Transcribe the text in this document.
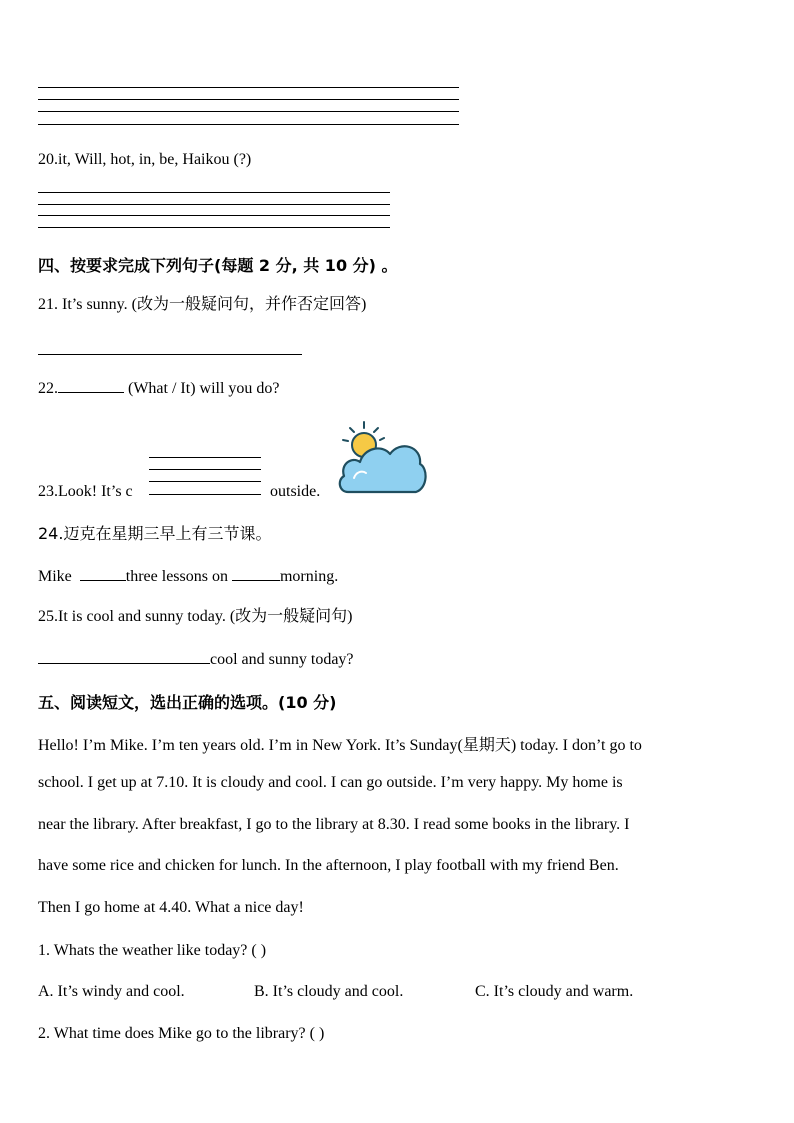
20.it, Will, hot, in, be, Haikou (?)
四、按要求完成下列句子(每题 2 分, 共 10 分) 。
21. It’s sunny. (改为一般疑问句，并作否定回答)
22.	(What / It) will you do?
23.Look! It’s c	outside.
24.迈克在星期三早上有三节课。
Mike	three lessons on	morning.
25.It is cool and sunny today. (改为一般疑问句)
cool and sunny today?
五、阅读短文，选出正确的选项。(10 分)
Hello! I’m Mike. I’m ten years old. I’m in New York. It’s Sunday(星期天) today. I don’t go to
school. I get up at 7.10. It is cloudy and cool. I can go outside. I’m very happy. My home is
near the library. After breakfast, I go to the library at 8.30. I read some books in the library. I
have some rice and chicken for lunch. In the afternoon, I play football with my friend Ben.
Then I go home at 4.40. What a nice day!
1. Whats the weather like today? ( )
A. It’s windy and cool.	B. It’s cloudy and cool.	C. It’s cloudy and warm.
2. What time does Mike go to the library? ( )
